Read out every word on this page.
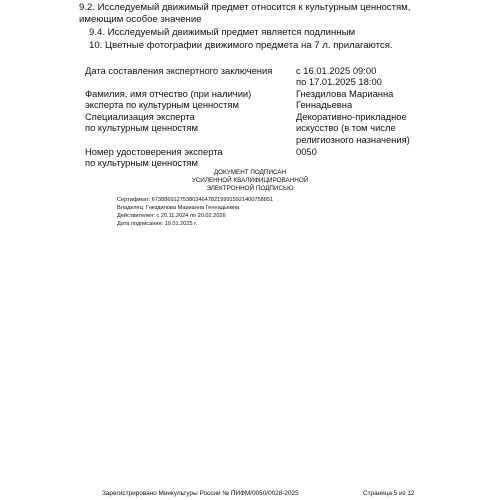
9.2. Исследуемый движимый предмет относится к культурным ценностям,
имеющим особое значение
9.4. Исследуемый движимый предмет является подлинным
10. Цветные фотографии движимого предмета на 7 л. прилагаются.
Дата составления экспертного заключения	с 16.01.2025 09:00
по 17.01.2025 18:00
Фамилия, имя отчество (при наличии)
эксперта по культурным ценностям
Гнездилова Марианна
Геннадьевна
Специализация эксперта
по культурным ценностям
Декоративно-прикладное
искусство (в том числе
религиозного назначения)
Номер удостоверения эксперта
по культурным ценностям
0050
ДОКУМЕНТ ПОДПИСАН
УСИЛЕННОЙ КВАЛИФИЦИРОВАННОЙ
ЭЛЕКТРОННОЙ ПОДПИСЬЮ
Сертификат: 673886912753803464782199915921400758851
Владелец: Гнездилова Марианна Геннадьевна
Действителен: с 20.11.2024 по 20.02.2026
Дата подписания: 19.01.2025 г.
Зарегистрировано Минкультуры России № ПИФМ/0050/0028-2025	Страница 5 из 12
